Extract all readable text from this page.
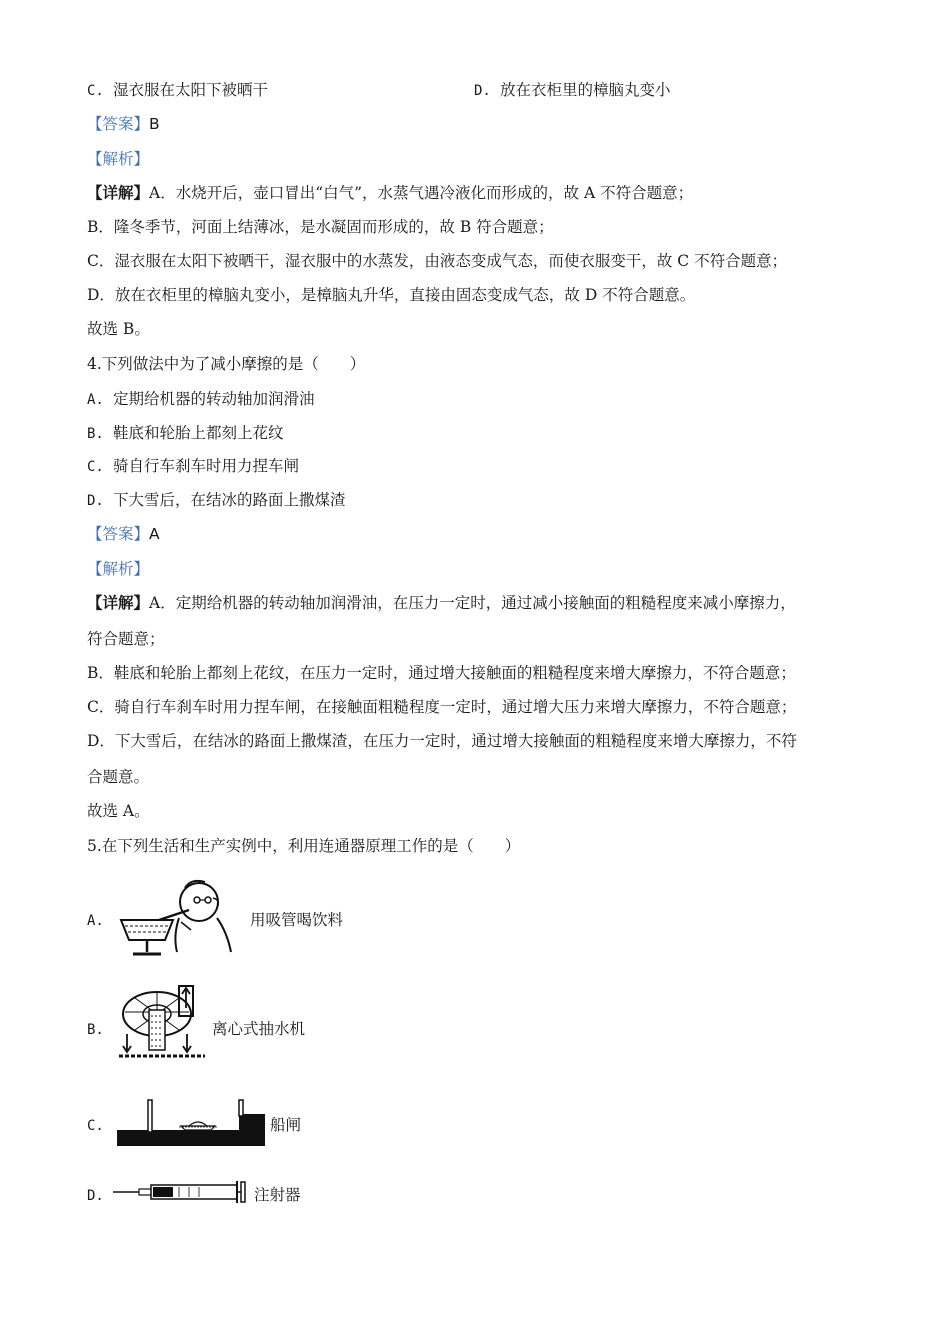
C. 湿衣服在太阳下被晒干	D. 放在衣柜里的樟脑丸变小
【答案】B
【解析】
【详解】A．水烧开后，壶口冒出“白气”，水蒸气遇冷液化而形成的，故 A 不符合题意；
B．隆冬季节，河面上结薄冰，是水凝固而形成的，故 B 符合题意；
C．湿衣服在太阳下被晒干，湿衣服中的水蒸发，由液态变成气态，而使衣服变干，故 C 不符合题意；
D．放在衣柜里的樟脑丸变小，是樟脑丸升华，直接由固态变成气态，故 D 不符合题意。
故选 B。
4.下列做法中为了减小摩擦的是（　　）
A. 定期给机器的转动轴加润滑油
B. 鞋底和轮胎上都刻上花纹
C. 骑自行车刹车时用力捏车闸
D. 下大雪后，在结冰的路面上撒煤渣
【答案】A
【解析】
【详解】A．定期给机器的转动轴加润滑油，在压力一定时，通过减小接触面的粗糙程度来减小摩擦力，
符合题意；
B．鞋底和轮胎上都刻上花纹，在压力一定时，通过增大接触面的粗糙程度来增大摩擦力，不符合题意；
C．骑自行车刹车时用力捏车闸，在接触面粗糙程度一定时，通过增大压力来增大摩擦力，不符合题意；
D．下大雪后，在结冰的路面上撒煤渣，在压力一定时，通过增大接触面的粗糙程度来增大摩擦力，不符
合题意。
故选 A。
5.在下列生活和生产实例中，利用连通器原理工作的是（　　）
A.	用吸管喝饮料
B.	离心式抽水机
C.	船闸
D.	注射器
